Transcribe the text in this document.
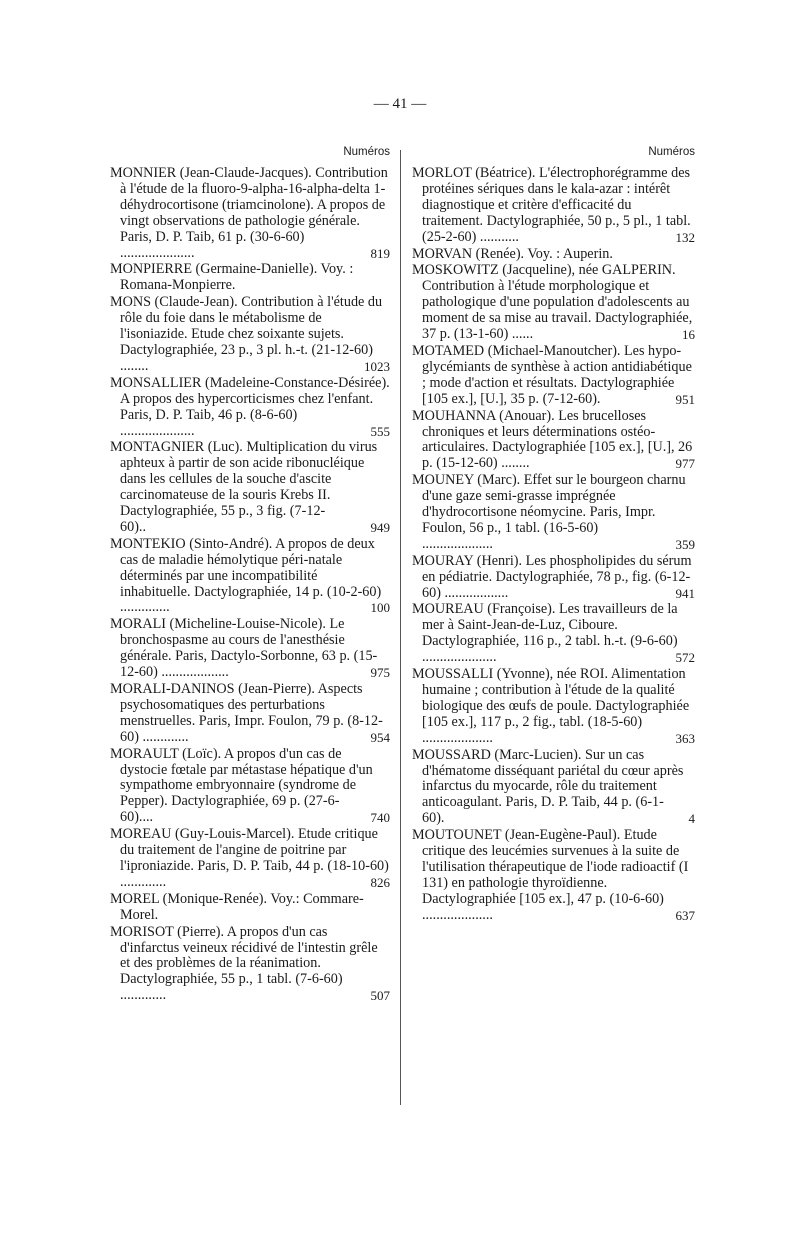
— 41 —
Numéros
MONNIER (Jean-Claude-Jacques). Contribution à l'étude de la fluoro-9-alpha-16-alpha-delta 1-déhydrocortisone (triamcinolone). A propos de vingt observations de pathologie générale. Paris, D. P. Taib, 61 p. (30-6-60) .....................	819
MONPIERRE (Germaine-Danielle). Voy. : Romana-Monpierre.
MONS (Claude-Jean). Contribution à l'étude du rôle du foie dans le métabolisme de l'isoniazide. Etude chez soixante sujets. Dactylographiée, 23 p., 3 pl. h.-t. (21-12-60) ........	1023
MONSALLIER (Madeleine-Constance-Désirée). A propos des hypercorticismes chez l'enfant. Paris, D. P. Taib, 46 p. (8-6-60) .....................	555
MONTAGNIER (Luc). Multiplication du virus aphteux à partir de son acide ribonucléique dans les cellules de la souche d'ascite carcinomateuse de la souris Krebs II. Dactylographiée, 55 p., 3 fig. (7-12-60)..	949
MONTEKIO (Sinto-André). A propos de deux cas de maladie hémolytique péri-natale déterminés par une incompatibilité inhabituelle. Dactylographiée, 14 p. (10-2-60) ..............	100
MORALI (Micheline-Louise-Nicole). Le bronchospasme au cours de l'anesthésie générale. Paris, Dactylo-Sorbonne, 63 p. (15-12-60) ...................	975
MORALI-DANINOS (Jean-Pierre). Aspects psychosomatiques des perturbations menstruelles. Paris, Impr. Foulon, 79 p. (8-12-60) .............	954
MORAULT (Loïc). A propos d'un cas de dystocie fœtale par métastase hépatique d'un sympathome embryonnaire (syndrome de Pepper). Dactylographiée, 69 p. (27-6-60)....	740
MOREAU (Guy-Louis-Marcel). Etude critique du traitement de l'angine de poitrine par l'iproniazide. Paris, D. P. Taib, 44 p. (18-10-60) .............	826
MOREL (Monique-Renée). Voy.: Commare-Morel.
MORISOT (Pierre). A propos d'un cas d'infarctus veineux récidivé de l'intestin grêle et des problèmes de la réanimation. Dactylographiée, 55 p., 1 tabl. (7-6-60) .............	507
Numéros
MORLOT (Béatrice). L'électrophorégramme des protéines sériques dans le kala-azar : intérêt diagnostique et critère d'efficacité du traitement. Dactylographiée, 50 p., 5 pl., 1 tabl. (25-2-60) ...........	132
MORVAN (Renée). Voy. : Auperin.
MOSKOWITZ (Jacqueline), née GALPERIN. Contribution à l'étude morphologique et pathologique d'une population d'adolescents au moment de sa mise au travail. Dactylographiée, 37 p. (13-1-60) ......	16
MOTAMED (Michael-Manoutcher). Les hypo-glycémiants de synthèse à action antidiabétique ; mode d'action et résultats. Dactylographiée [105 ex.], [U.], 35 p. (7-12-60).	951
MOUHANNA (Anouar). Les brucelloses chroniques et leurs déterminations ostéo-articulaires. Dactylographiée [105 ex.], [U.], 26 p. (15-12-60) ........	977
MOUNEY (Marc). Effet sur le bourgeon charnu d'une gaze semi-grasse imprégnée d'hydrocortisone néomycine. Paris, Impr. Foulon, 56 p., 1 tabl. (16-5-60) ....................	359
MOURAY (Henri). Les phospholipides du sérum en pédiatrie. Dactylographiée, 78 p., fig. (6-12-60) ..................	941
MOUREAU (Françoise). Les travailleurs de la mer à Saint-Jean-de-Luz, Ciboure. Dactylographiée, 116 p., 2 tabl. h.-t. (9-6-60) .....................	572
MOUSSALLI (Yvonne), née ROI. Alimentation humaine ; contribution à l'étude de la qualité biologique des œufs de poule. Dactylographiée [105 ex.], 117 p., 2 fig., tabl. (18-5-60) ....................	363
MOUSSARD (Marc-Lucien). Sur un cas d'hématome disséquant pariétal du cœur après infarctus du myocarde, rôle du traitement anticoagulant. Paris, D. P. Taib, 44 p. (6-1-60).	4
MOUTOUNET (Jean-Eugène-Paul). Etude critique des leucémies survenues à la suite de l'utilisation thérapeutique de l'iode radioactif (I 131) en pathologie thyroïdienne. Dactylographiée [105 ex.], 47 p. (10-6-60) ....................	637
